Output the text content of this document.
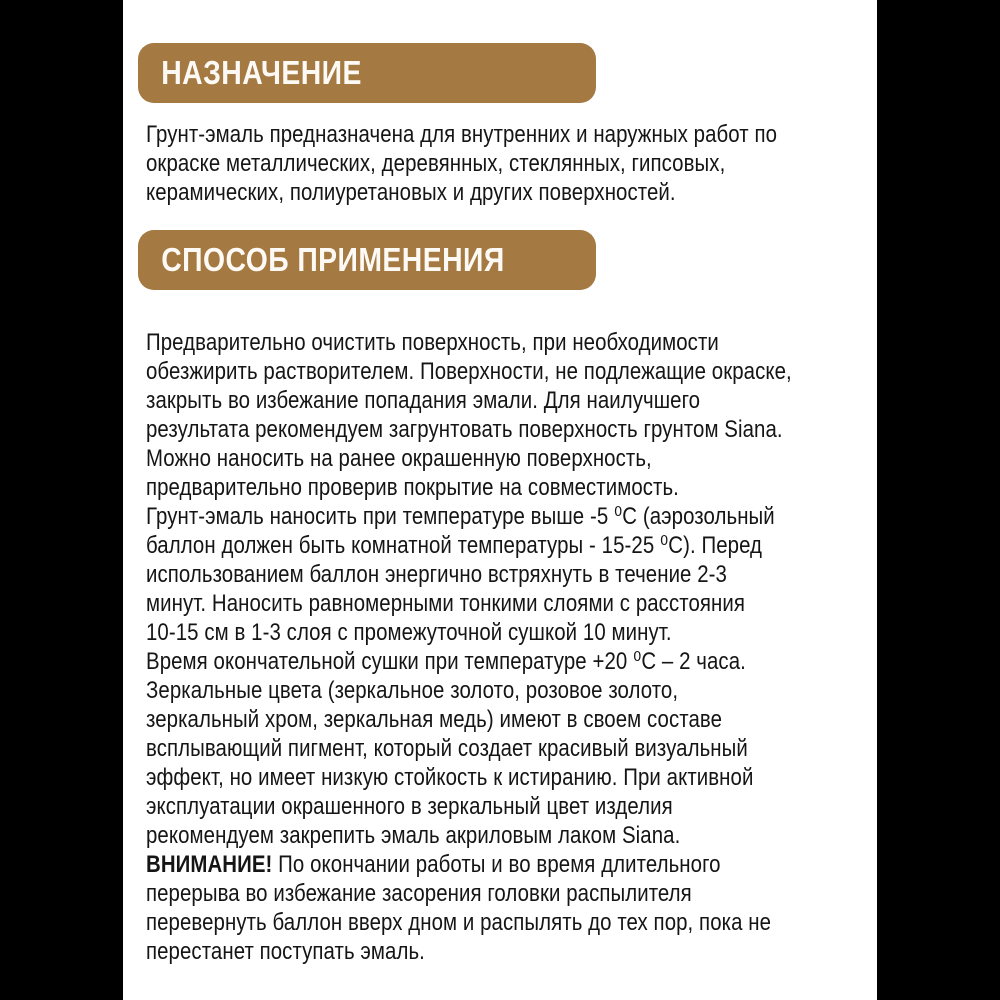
НАЗНАЧЕНИЕ
Грунт-эмаль предназначена для внутренних и наружных работ по
окраске металлических, деревянных, стеклянных, гипсовых,
керамических, полиуретановых и других поверхностей.
СПОСОБ ПРИМЕНЕНИЯ
Предварительно очистить поверхность, при необходимости
обезжирить растворителем. Поверхности, не подлежащие окраске,
закрыть во избежание попадания эмали. Для наилучшего
результата рекомендуем загрунтовать поверхность грунтом Siana.
Можно наносить на ранее окрашенную поверхность,
предварительно проверив покрытие на совместимость.
Грунт-эмаль наносить при температуре выше -5 ⁰С (аэрозольный
баллон должен быть комнатной температуры - 15-25 ⁰С). Перед
использованием баллон энергично встряхнуть в течение 2-3
минут. Наносить равномерными тонкими слоями с расстояния
10-15 см в 1-3 слоя с промежуточной сушкой 10 минут.
Время окончательной сушки при температуре +20 ⁰С – 2 часа.
Зеркальные цвета (зеркальное золото, розовое золото,
зеркальный хром, зеркальная медь) имеют в своем составе
всплывающий пигмент, который создает красивый визуальный
эффект, но имеет низкую стойкость к истиранию. При активной
эксплуатации окрашенного в зеркальный цвет изделия
рекомендуем закрепить эмаль акриловым лаком Siana.
ВНИМАНИЕ! По окончании работы и во время длительного
перерыва во избежание засорения головки распылителя
перевернуть баллон вверх дном и распылять до тех пор, пока не
перестанет поступать эмаль.
